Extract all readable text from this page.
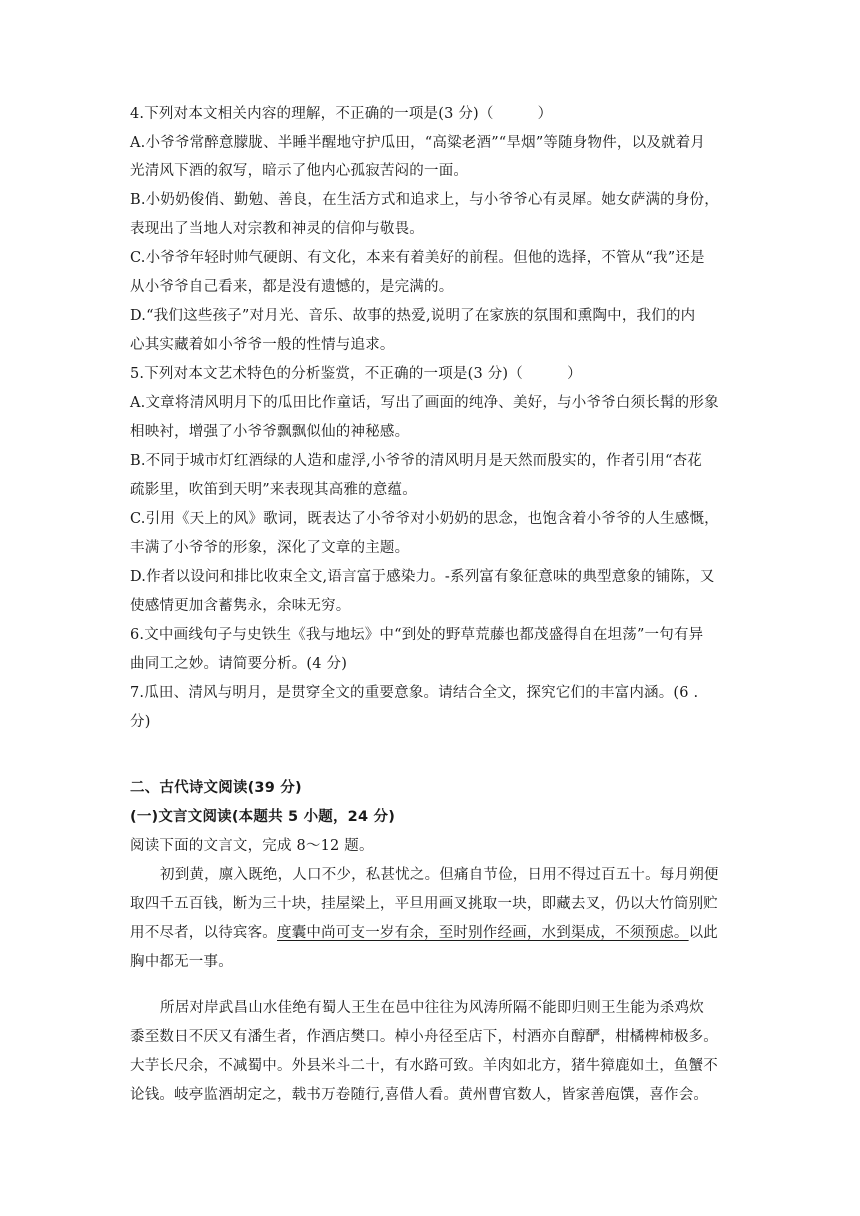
4.下列对本文相关内容的理解，不正确的一项是(3 分)（　　　）
A.小爷爷常醉意朦胧、半睡半醒地守护瓜田，“高粱老酒”“旱烟”等随身物件，以及就着月
光清风下酒的叙写，暗示了他内心孤寂苦闷的一面。
B.小奶奶俊俏、勤勉、善良，在生活方式和追求上，与小爷爷心有灵犀。她女萨满的身份，
表现出了当地人对宗教和神灵的信仰与敬畏。
C.小爷爷年轻时帅气硬朗、有文化，本来有着美好的前程。但他的选择，不管从“我”还是
从小爷爷自己看来，都是没有遗憾的，是完满的。
D.“我们这些孩子”对月光、音乐、故事的热爱,说明了在家族的氛围和熏陶中，我们的内
心其实藏着如小爷爷一般的性情与追求。
5.下列对本文艺术特色的分析鉴赏，不正确的一项是(3 分)（　　　）
A.文章将清风明月下的瓜田比作童话，写出了画面的纯净、美好，与小爷爷白须长髯的形象
相映衬，增强了小爷爷飘飘似仙的神秘感。
B.不同于城市灯红酒绿的人造和虚浮,小爷爷的清风明月是天然而殷实的，作者引用“杏花
疏影里，吹笛到天明”来表现其高雅的意蕴。
C.引用《天上的风》歌词，既表达了小爷爷对小奶奶的思念，也饱含着小爷爷的人生感慨，
丰满了小爷爷的形象，深化了文章的主题。
D.作者以设问和排比收束全文,语言富于感染力。-系列富有象征意味的典型意象的铺陈，又
使感情更加含蓄隽永，余味无穷。
6.文中画线句子与史铁生《我与地坛》中“到处的野草荒藤也都茂盛得自在坦荡”一句有异
曲同工之妙。请简要分析。(4 分)
7.瓜田、清风与明月，是贯穿全文的重要意象。请结合全文，探究它们的丰富内涵。(6 .
分)
二、古代诗文阅读(39 分)
(一)文言文阅读(本题共 5 小题，24 分)
阅读下面的文言文，完成 8～12 题。
初到黄，廪入既绝，人口不少，私甚忧之。但痛自节俭，日用不得过百五十。每月朔便
取四千五百钱，断为三十块，挂屋梁上，平旦用画叉挑取一块，即藏去叉，仍以大竹筒别贮
用不尽者，以待宾客。度囊中尚可支一岁有余，至时别作经画，水到渠成，不须预虑。以此
胸中都无一事。
所居对岸武昌山水佳绝有蜀人王生在邑中往往为风涛所隔不能即归则王生能为杀鸡炊
黍至数日不厌又有潘生者，作酒店樊口。棹小舟径至店下，村酒亦自醇酽，柑橘椑柿极多。
大芋长尺余，不减蜀中。外县米斗二十，有水路可致。羊肉如北方，猪牛獐鹿如土，鱼蟹不
论钱。岐亭监酒胡定之，载书万卷随行,喜借人看。黄州曹官数人，皆家善庖馔，喜作会。
